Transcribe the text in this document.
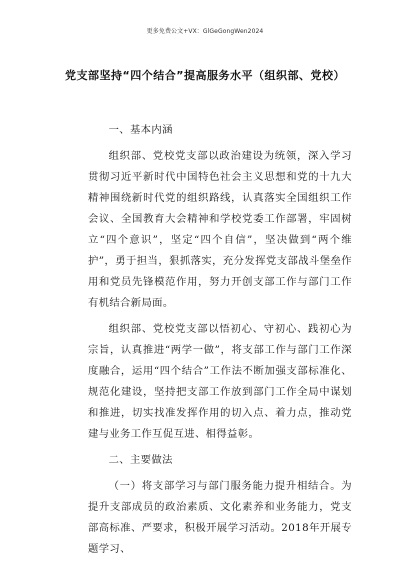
更多免费公文+VX：GlGeGongWen2024
党支部坚持“四个结合”提高服务水平（组织部、党校）

一、基本内涵

组织部、党校党支部以政治建设为统领，深入学习贯彻习近平新时代中国特色社会主义思想和党的十九大精神围绕新时代党的组织路线，认真落实全国组织工作会议、全国教育大会精神和学校党委工作部署，牢固树立“四个意识”，坚定“四个自信”，坚决做到“两个维护”，勇于担当，狠抓落实，充分发挥党支部战斗堡垒作用和党员先锋模范作用，努力开创支部工作与部门工作有机结合新局面。

组织部、党校党支部以悟初心、守初心、践初心为宗旨，认真推进“两学一做”，将支部工作与部门工作深度融合，运用“四个结合”工作法不断加强支部标准化、规范化建设，坚持把支部工作放到部门工作全局中谋划和推进，切实找准发挥作用的切入点、着力点，推动党建与业务工作互促互进、相得益彰。

二、主要做法

（一）将支部学习与部门服务能力提升相结合。为提升支部成员的政治素质、文化素养和业务能力，党支部高标准、严要求，积极开展学习活动。2018年开展专题学习、
